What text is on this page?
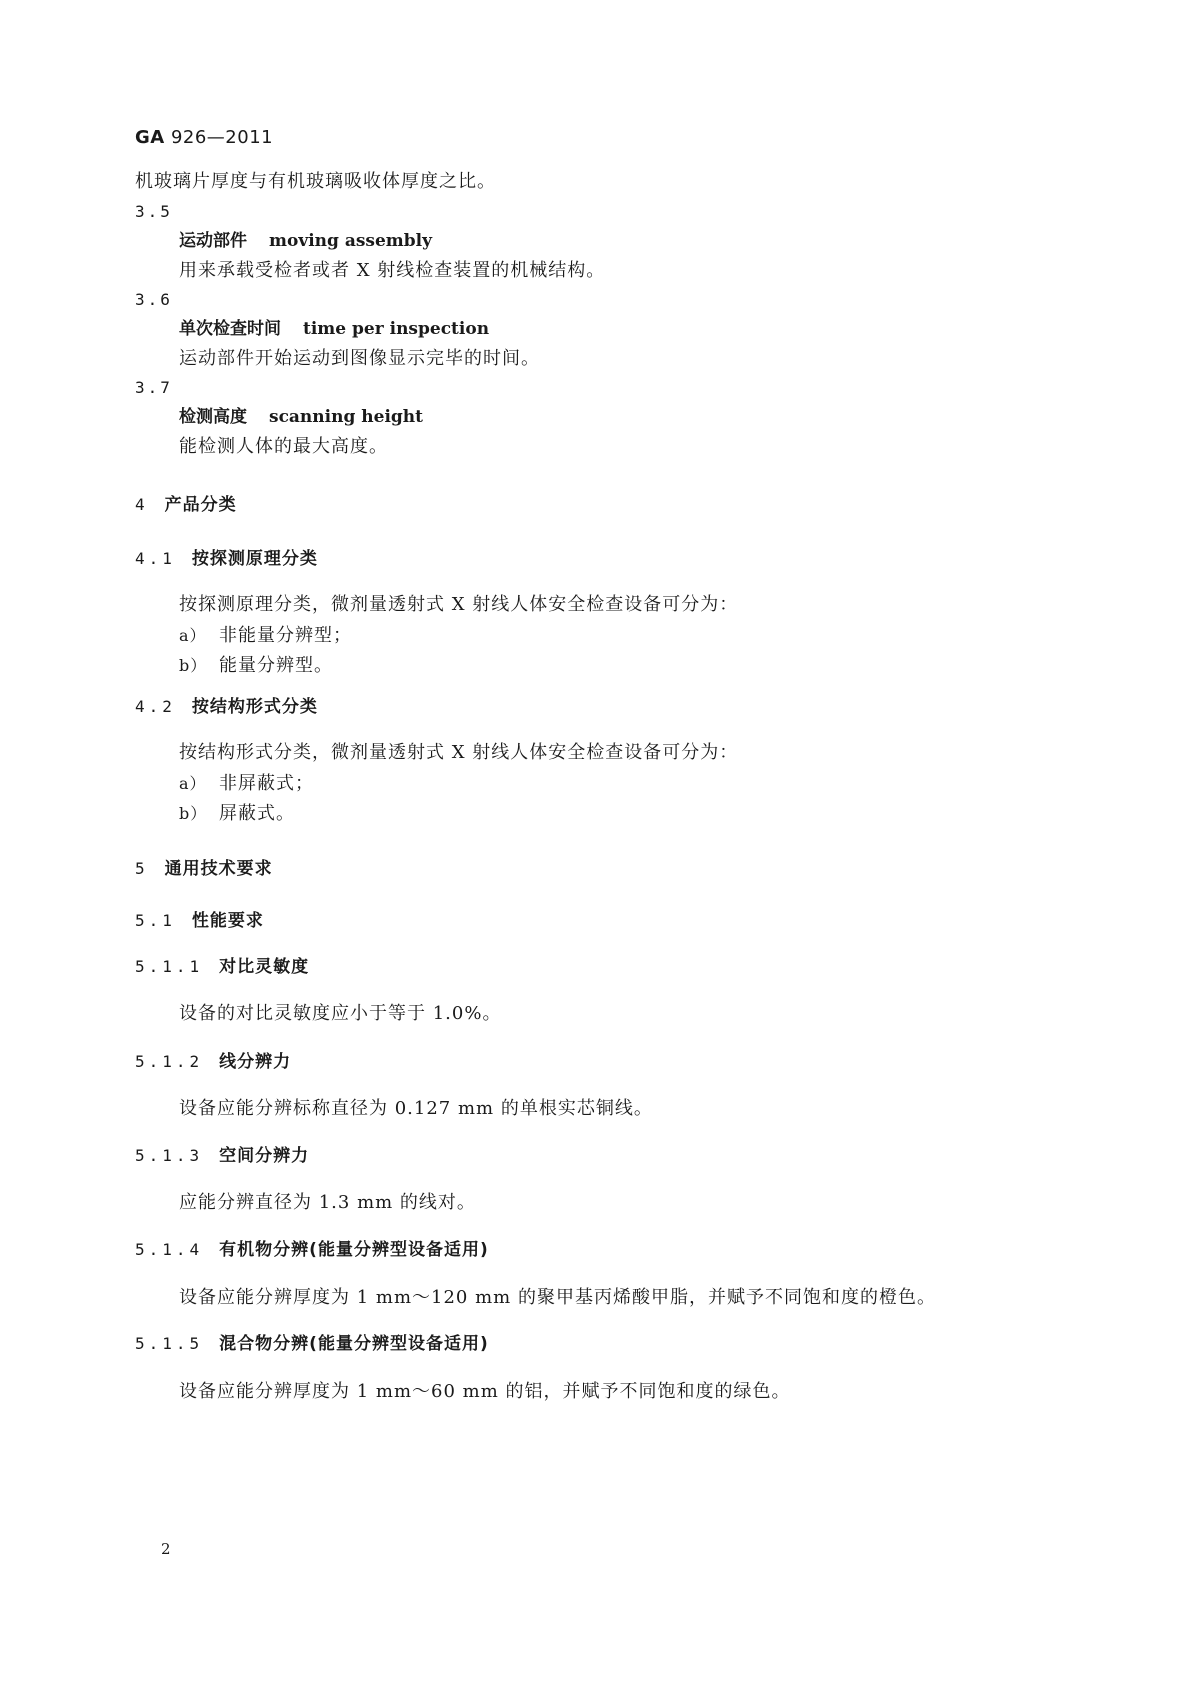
GA 926—2011
机玻璃片厚度与有机玻璃吸收体厚度之比。
3.5
运动部件 moving assembly
用来承载受检者或者 X 射线检查装置的机械结构。
3.6
单次检查时间 time per inspection
运动部件开始运动到图像显示完毕的时间。
3.7
检测高度 scanning height
能检测人体的最大高度。
4 产品分类
4.1 按探测原理分类
按探测原理分类，微剂量透射式 X 射线人体安全检查设备可分为：
a） 非能量分辨型；
b） 能量分辨型。
4.2 按结构形式分类
按结构形式分类，微剂量透射式 X 射线人体安全检查设备可分为：
a） 非屏蔽式；
b） 屏蔽式。
5 通用技术要求
5.1 性能要求
5.1.1 对比灵敏度
设备的对比灵敏度应小于等于 1.0%。
5.1.2 线分辨力
设备应能分辨标称直径为 0.127 mm 的单根实芯铜线。
5.1.3 空间分辨力
应能分辨直径为 1.3 mm 的线对。
5.1.4 有机物分辨(能量分辨型设备适用)
设备应能分辨厚度为 1 mm～120 mm 的聚甲基丙烯酸甲脂，并赋予不同饱和度的橙色。
5.1.5 混合物分辨(能量分辨型设备适用)
设备应能分辨厚度为 1 mm～60 mm 的铝，并赋予不同饱和度的绿色。
2
